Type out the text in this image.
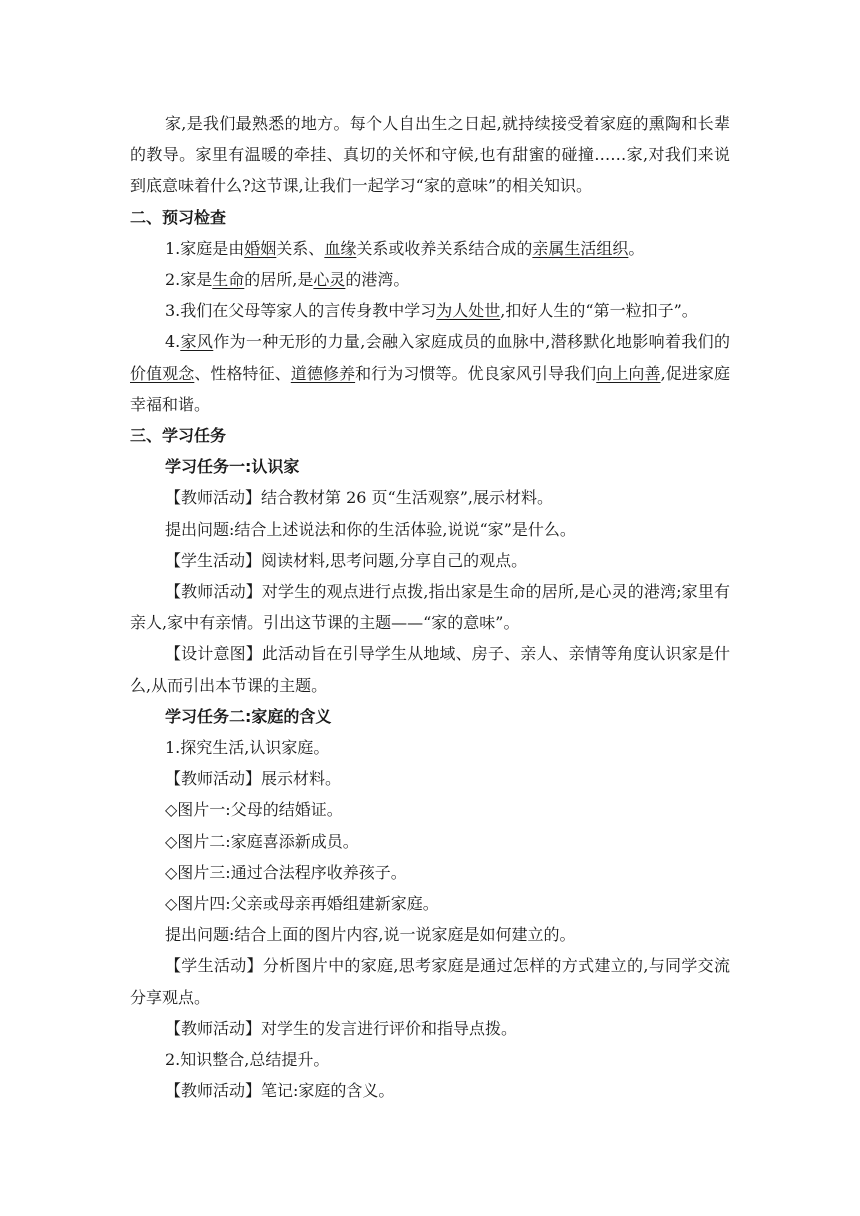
家,是我们最熟悉的地方。每个人自出生之日起,就持续接受着家庭的熏陶和长辈的教导。家里有温暖的牵挂、真切的关怀和守候,也有甜蜜的碰撞……家,对我们来说到底意味着什么?这节课,让我们一起学习“家的意味”的相关知识。

二、预习检查

1.家庭是由婚姻关系、血缘关系或收养关系结合成的亲属生活组织。

2.家是生命的居所,是心灵的港湾。

3.我们在父母等家人的言传身教中学习为人处世,扣好人生的“第一粒扣子”。

4.家风作为一种无形的力量,会融入家庭成员的血脉中,潜移默化地影响着我们的价值观念、性格特征、道德修养和行为习惯等。优良家风引导我们向上向善,促进家庭幸福和谐。

三、学习任务

学习任务一:认识家

【教师活动】结合教材第 26 页“生活观察”,展示材料。

提出问题:结合上述说法和你的生活体验,说说“家”是什么。

【学生活动】阅读材料,思考问题,分享自己的观点。

【教师活动】对学生的观点进行点拨,指出家是生命的居所,是心灵的港湾;家里有亲人,家中有亲情。引出这节课的主题——“家的意味”。

【设计意图】此活动旨在引导学生从地域、房子、亲人、亲情等角度认识家是什么,从而引出本节课的主题。

学习任务二:家庭的含义

1.探究生活,认识家庭。

【教师活动】展示材料。

◇图片一:父母的结婚证。

◇图片二:家庭喜添新成员。

◇图片三:通过合法程序收养孩子。

◇图片四:父亲或母亲再婚组建新家庭。

提出问题:结合上面的图片内容,说一说家庭是如何建立的。

【学生活动】分析图片中的家庭,思考家庭是通过怎样的方式建立的,与同学交流分享观点。

【教师活动】对学生的发言进行评价和指导点拨。

2.知识整合,总结提升。

【教师活动】笔记:家庭的含义。
